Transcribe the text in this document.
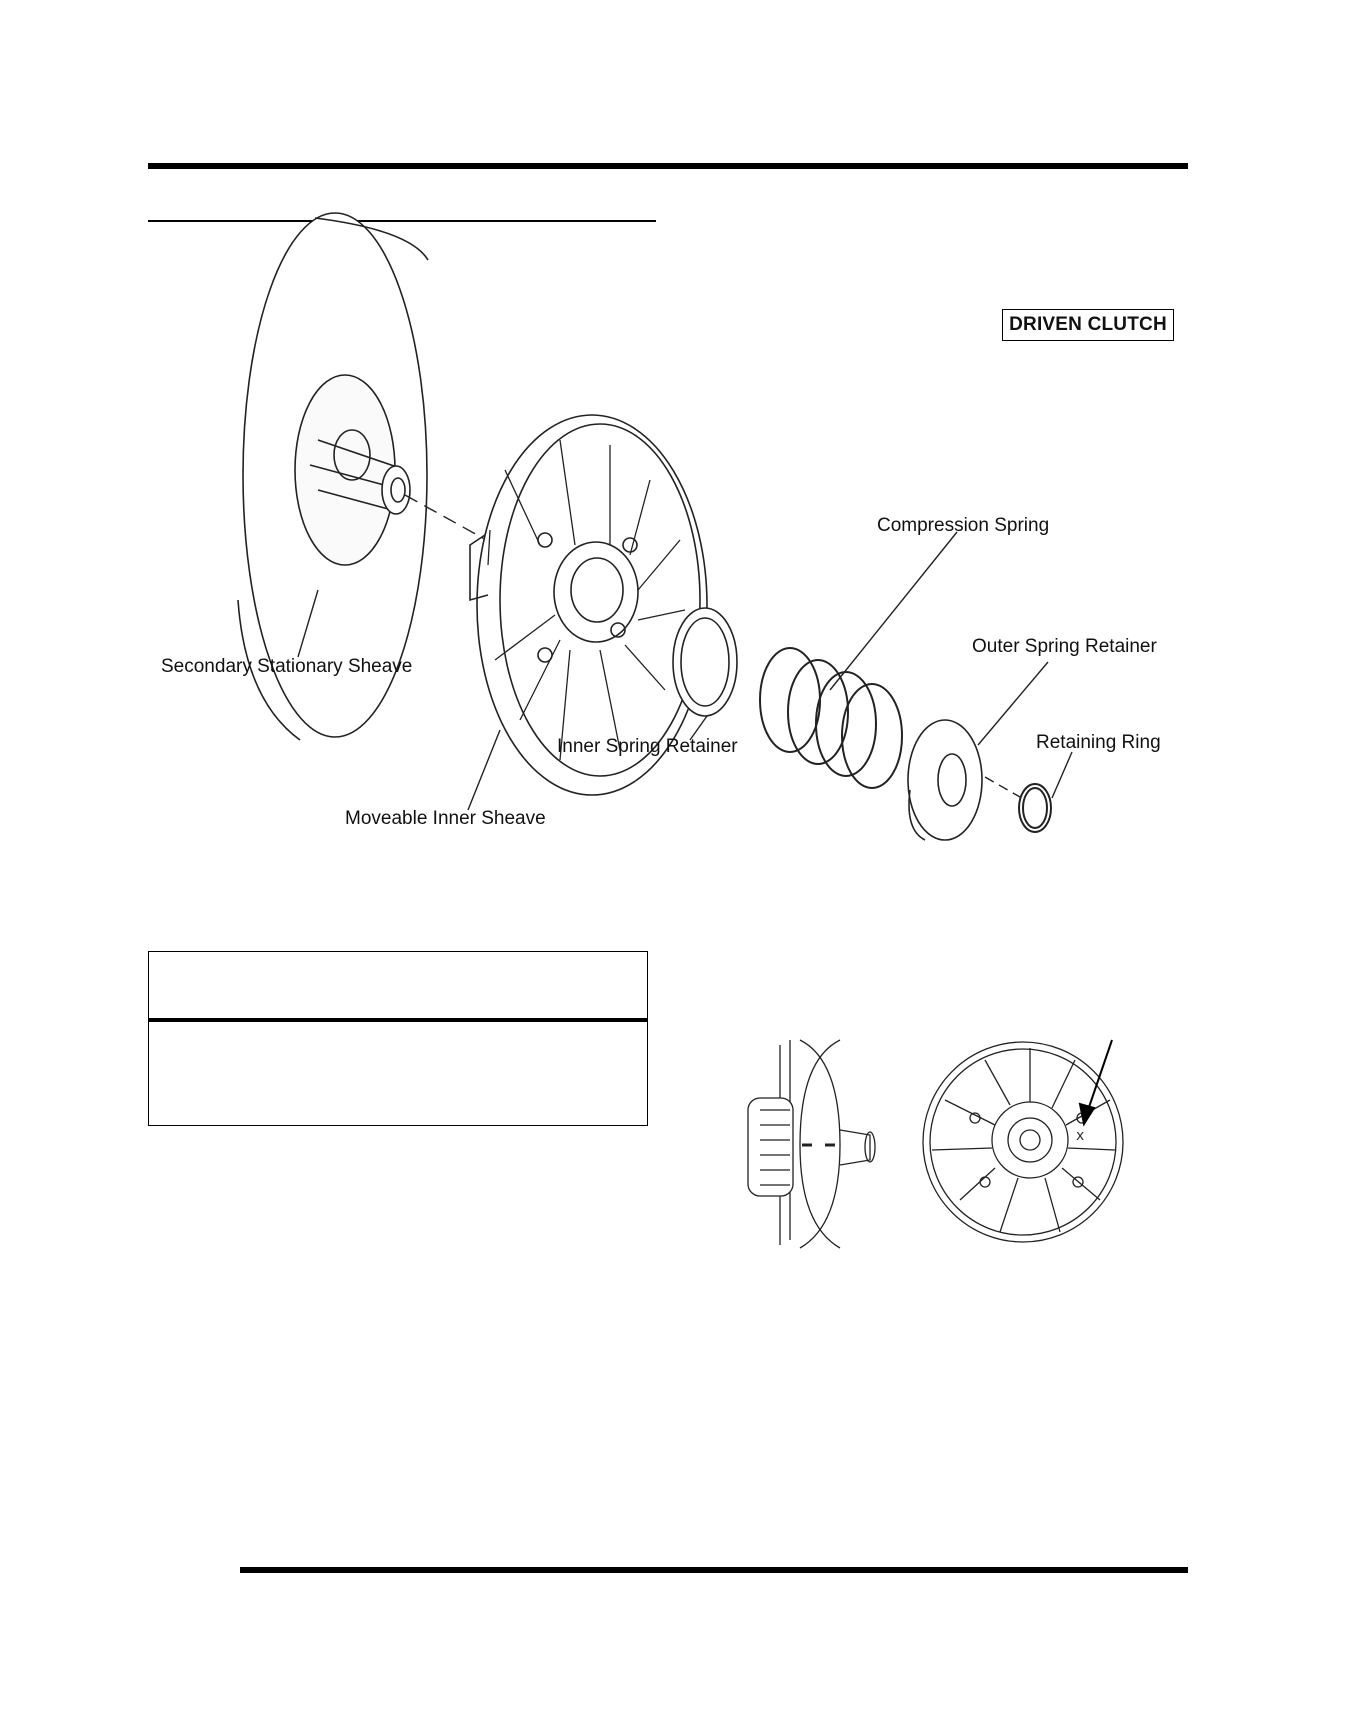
DRIVEN CLUTCH
x
Secondary Stationary Sheave
Moveable Inner Sheave
Inner Spring Retainer
Compression Spring
Outer Spring Retainer
Retaining Ring
